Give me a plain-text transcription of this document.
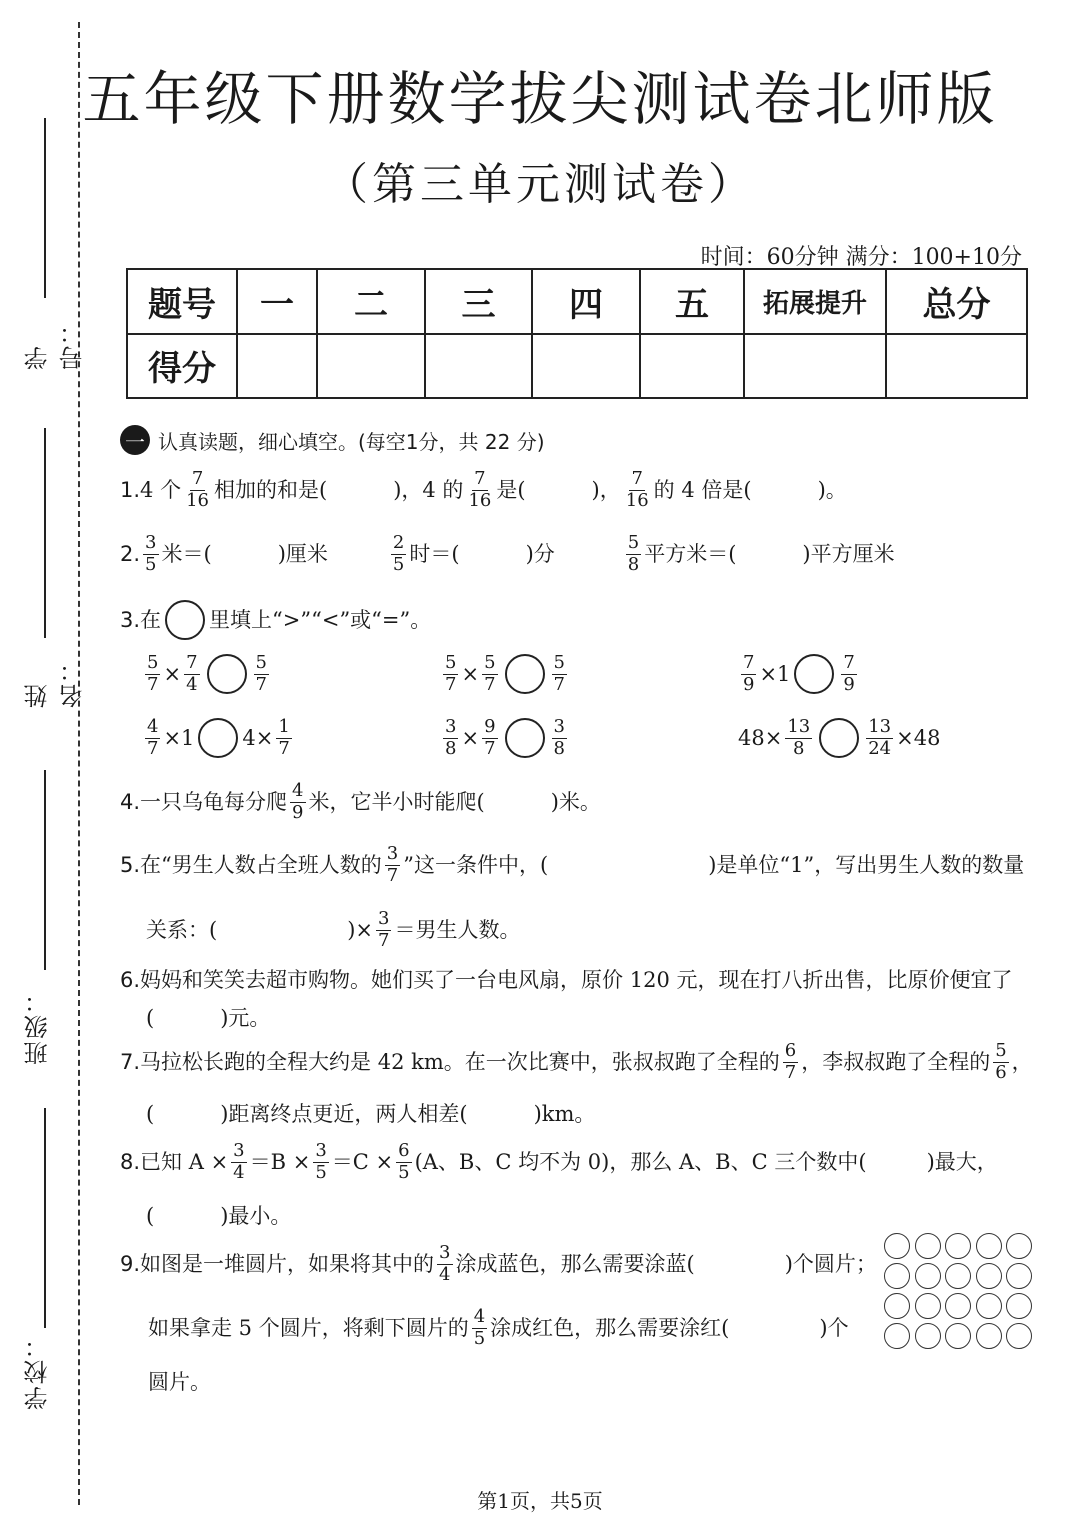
学号：
姓名：
班级：
学校：
五年级下册数学拔尖测试卷北师版
（第三单元测试卷）
时间：60分钟 满分：100+10分
题号	一	二	三	四	五	拓展提升	总分
得分							
一 认真读题，细心填空。(每空1分，共 22 分)
1. 4 个 $\frac{7}{16}$ 相加的和是(	)，4 的 $\frac{7}{16}$ 是(	)， $\frac{7}{16}$ 的 4 倍是(	)。
2. $\frac{3}{5}$ 米＝(	)厘米	$\frac{2}{5}$ 时＝(	)分	$\frac{5}{8}$ 平方米＝(	)平方厘米
3. 在 里填上“>”“<”或“=”。
$\frac{5}{7} \times \frac{7}{4}$	$\frac{5}{7}$	$\frac{5}{7} \times \frac{5}{7}$	$\frac{5}{7}$	$\frac{7}{9} \times 1$	$\frac{7}{9}$
$\frac{4}{7} \times 1$ $4\times \frac{1}{7}$	$\frac{3}{8} \times \frac{9}{7}$	$\frac{3}{8}$	$48\times \frac{13}{8}$	$\frac{13}{24} \times 48$
4. 一只乌龟每分爬 $\frac{4}{9}$ 米，它半小时能爬(	)米。
5. 在“男生人数占全班人数的 $\frac{3}{7}$ ”这一条件中，(	)是单位“1”，写出男生人数的数量
关系：(	)× $\frac{3}{7}$ ＝男生人数。
6. 妈妈和笑笑去超市购物。她们买了一台电风扇，原价 120 元，现在打八折出售，比原价便宜了
(	)元。
7. 马拉松长跑的全程大约是 42 km。在一次比赛中，张叔叔跑了全程的 $\frac{6}{7}$ ，李叔叔跑了全程的 $\frac{5}{6}$ ，
(	)距离终点更近，两人相差(	)km。
8. 已知 $A \times \frac{3}{4} =B \times \frac{3}{5} =C \times \frac{6}{5} (A$、B、C 均不为 0)，那么 A、B、C 三个数中(	)最大，
(	)最小。
9. 如图是一堆圆片，如果将其中的 $\frac{3}{4}$ 涂成蓝色，那么需要涂蓝(	)个圆片；
如果拿走 5 个圆片，将剩下圆片的 $\frac{4}{5}$ 涂成红色，那么需要涂红(	)个
圆片。
第1页，共5页
